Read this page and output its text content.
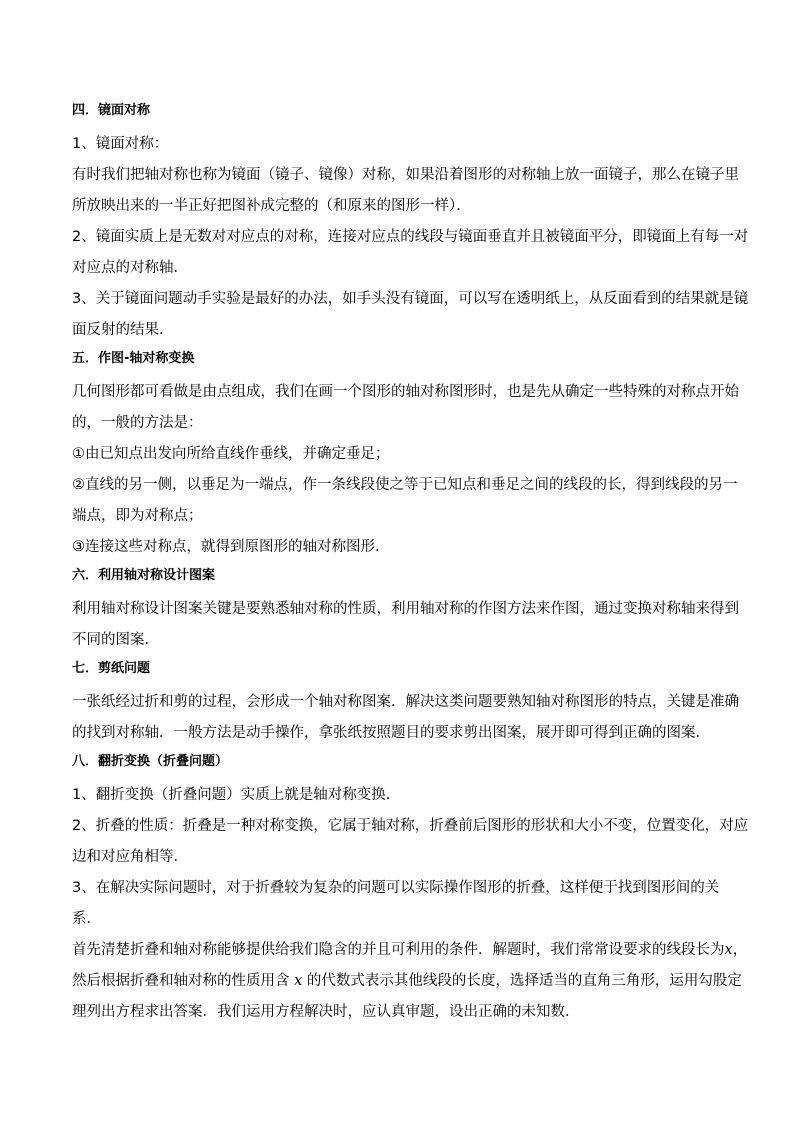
四．镜面对称
1、镜面对称：
有时我们把轴对称也称为镜面（镜子、镜像）对称，如果沿着图形的对称轴上放一面镜子，那么在镜子里
所放映出来的一半正好把图补成完整的（和原来的图形一样）．
2、镜面实质上是无数对对应点的对称，连接对应点的线段与镜面垂直并且被镜面平分，即镜面上有每一对
对应点的对称轴．
3、关于镜面问题动手实验是最好的办法，如手头没有镜面，可以写在透明纸上，从反面看到的结果就是镜
面反射的结果．
五．作图-轴对称变换
几何图形都可看做是由点组成，我们在画一个图形的轴对称图形时，也是先从确定一些特殊的对称点开始
的，一般的方法是：
①由已知点出发向所给直线作垂线，并确定垂足；
②直线的另一侧，以垂足为一端点，作一条线段使之等于已知点和垂足之间的线段的长，得到线段的另一
端点，即为对称点；
③连接这些对称点，就得到原图形的轴对称图形．
六．利用轴对称设计图案
利用轴对称设计图案关键是要熟悉轴对称的性质，利用轴对称的作图方法来作图，通过变换对称轴来得到
不同的图案．
七．剪纸问题
一张纸经过折和剪的过程，会形成一个轴对称图案．解决这类问题要熟知轴对称图形的特点，关键是准确
的找到对称轴．一般方法是动手操作，拿张纸按照题目的要求剪出图案，展开即可得到正确的图案．
八．翻折变换（折叠问题）
1、翻折变换（折叠问题）实质上就是轴对称变换．
2、折叠的性质：折叠是一种对称变换，它属于轴对称，折叠前后图形的形状和大小不变，位置变化，对应
边和对应角相等．
3、在解决实际问题时，对于折叠较为复杂的问题可以实际操作图形的折叠，这样便于找到图形间的关
系．
首先清楚折叠和轴对称能够提供给我们隐含的并且可利用的条件．解题时，我们常常设要求的线段长为x，
然后根据折叠和轴对称的性质用含 x 的代数式表示其他线段的长度，选择适当的直角三角形，运用勾股定
理列出方程求出答案．我们运用方程解决时，应认真审题，设出正确的未知数．
